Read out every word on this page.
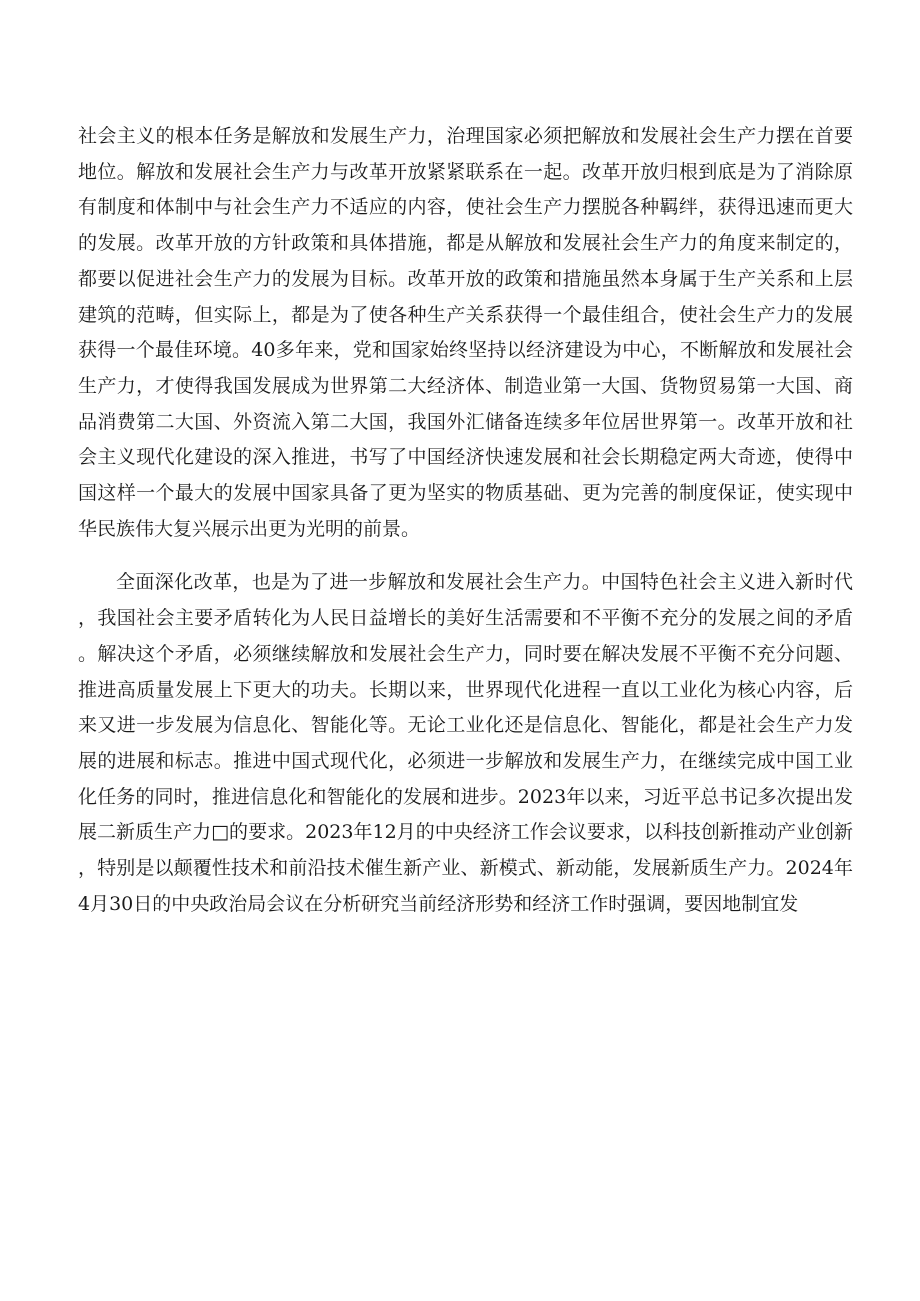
社会主义的根本任务是解放和发展生产力，治理国家必须把解放和发展社会生产力摆在首要地位。解放和发展社会生产力与改革开放紧紧联系在一起。改革开放归根到底是为了消除原有制度和体制中与社会生产力不适应的内容，使社会生产力摆脱各种羁绊，获得迅速而更大的发展。改革开放的方针政策和具体措施，都是从解放和发展社会生产力的角度来制定的，都要以促进社会生产力的发展为目标。改革开放的政策和措施虽然本身属于生产关系和上层建筑的范畴，但实际上，都是为了使各种生产关系获得一个最佳组合，使社会生产力的发展获得一个最佳环境。40多年来，党和国家始终坚持以经济建设为中心，不断解放和发展社会生产力，才使得我国发展成为世界第二大经济体、制造业第一大国、货物贸易第一大国、商品消费第二大国、外资流入第二大国，我国外汇储备连续多年位居世界第一。改革开放和社会主义现代化建设的深入推进，书写了中国经济快速发展和社会长期稳定两大奇迹，使得中国这样一个最大的发展中国家具备了更为坚实的物质基础、更为完善的制度保证，使实现中华民族伟大复兴展示出更为光明的前景。

全面深化改革，也是为了进一步解放和发展社会生产力。中国特色社会主义进入新时代，我国社会主要矛盾转化为人民日益增长的美好生活需要和不平衡不充分的发展之间的矛盾。解决这个矛盾，必须继续解放和发展社会生产力，同时要在解决发展不平衡不充分问题、推进高质量发展上下更大的功夫。长期以来，世界现代化进程一直以工业化为核心内容，后来又进一步发展为信息化、智能化等。无论工业化还是信息化、智能化，都是社会生产力发展的进展和标志。推进中国式现代化，必须进一步解放和发展生产力，在继续完成中国工业化任务的同时，推进信息化和智能化的发展和进步。2023年以来，习近平总书记多次提出发展二新质生产力□的要求。2023年12月的中央经济工作会议要求，以科技创新推动产业创新，特别是以颠覆性技术和前沿技术催生新产业、新模式、新动能，发展新质生产力。2024年4月30日的中央政治局会议在分析研究当前经济形势和经济工作时强调，要因地制宜发
